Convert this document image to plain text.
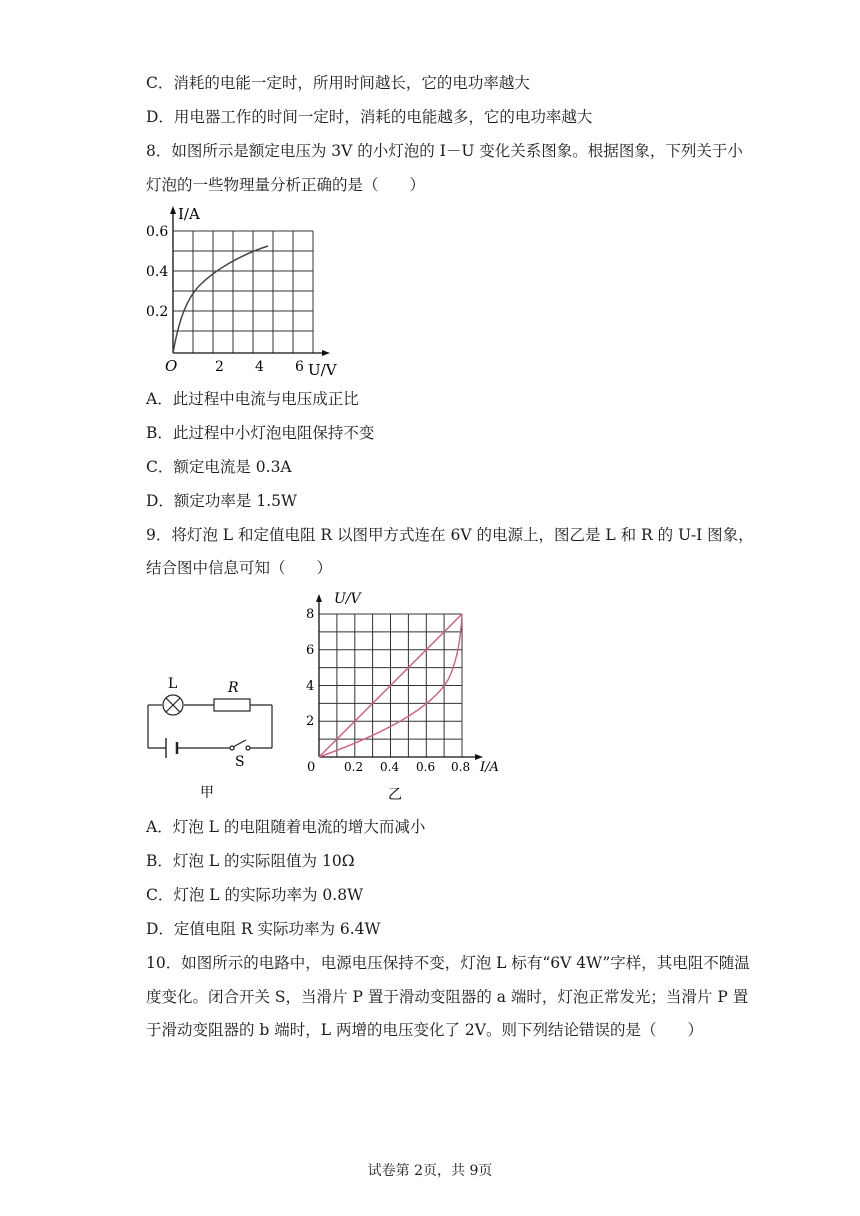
C．消耗的电能一定时，所用时间越长，它的电功率越大
D．用电器工作的时间一定时，消耗的电能越多，它的电功率越大
8．如图所示是额定电压为 3V 的小灯泡的 I－U 变化关系图象。根据图象，下列关于小
灯泡的一些物理量分析正确的是（　　）
I/A
0.6
0.4
0.2
O	2 4 6 U/V
A．此过程中电流与电压成正比
B．此过程中小灯泡电阻保持不变
C．额定电流是 0.3A
D．额定功率是 1.5W
9．将灯泡 L 和定值电阻 R 以图甲方式连在 6V 的电源上，图乙是 L 和 R 的 U-I 图象，
结合图中信息可知（　　）
L	R
S
甲
U/V
8
6
4
2
0 0.2 0.4 0.6 0.8 I/A
乙
A．灯泡 L 的电阻随着电流的增大而减小
B．灯泡 L 的实际阻值为 10Ω
C．灯泡 L 的实际功率为 0.8W
D．定值电阻 R 实际功率为 6.4W
10．如图所示的电路中，电源电压保持不变，灯泡 L 标有“6V 4W”字样，其电阻不随温
度变化。闭合开关 S，当滑片 P 置于滑动变阻器的 a 端时，灯泡正常发光；当滑片 P 置
于滑动变阻器的 b 端时，L 两增的电压变化了 2V。则下列结论错误的是（　　）
试卷第 2页，共 9页
